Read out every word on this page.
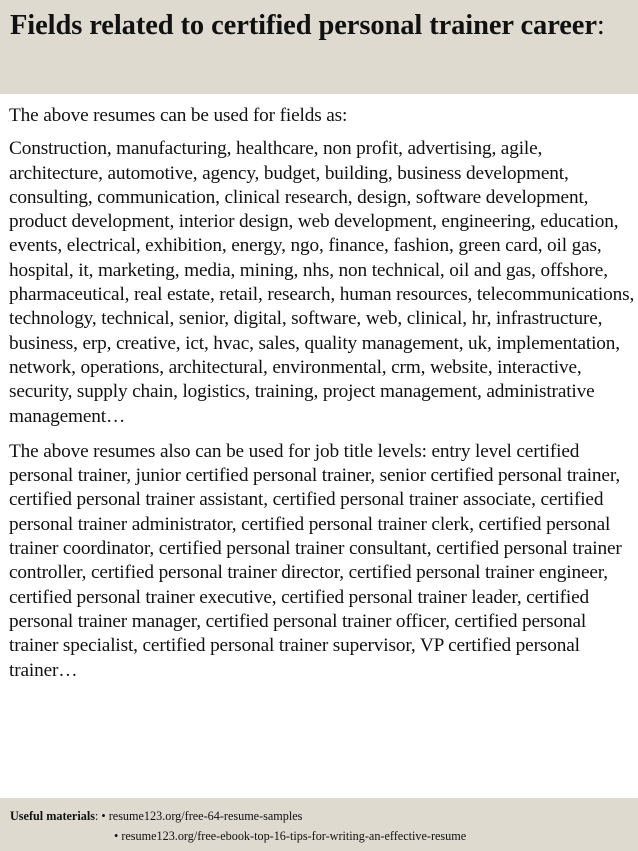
Fields related to certified personal trainer career:

The above resumes can be used for fields as:

Construction, manufacturing, healthcare, non profit, advertising, agile, architecture, automotive, agency, budget, building, business development, consulting, communication, clinical research, design, software development, product development, interior design, web development, engineering, education, events, electrical, exhibition, energy, ngo, finance, fashion, green card, oil gas, hospital, it, marketing, media, mining, nhs, non technical, oil and gas, offshore, pharmaceutical, real estate, retail, research, human resources, telecommunications, technology, technical, senior, digital, software, web, clinical, hr, infrastructure, business, erp, creative, ict, hvac, sales, quality management, uk, implementation, network, operations, architectural, environmental, crm, website, interactive, security, supply chain, logistics, training, project management, administrative management…

The above resumes also can be used for job title levels: entry level certified personal trainer, junior certified personal trainer, senior certified personal trainer, certified personal trainer assistant, certified personal trainer associate, certified personal trainer administrator, certified personal trainer clerk, certified personal trainer coordinator, certified personal trainer consultant, certified personal trainer controller, certified personal trainer director, certified personal trainer engineer, certified personal trainer executive, certified personal trainer leader, certified personal trainer manager, certified personal trainer officer, certified personal trainer specialist, certified personal trainer supervisor, VP certified personal trainer…

Useful materials: • resume123.org/free-64-resume-samples
• resume123.org/free-ebook-top-16-tips-for-writing-an-effective-resume
